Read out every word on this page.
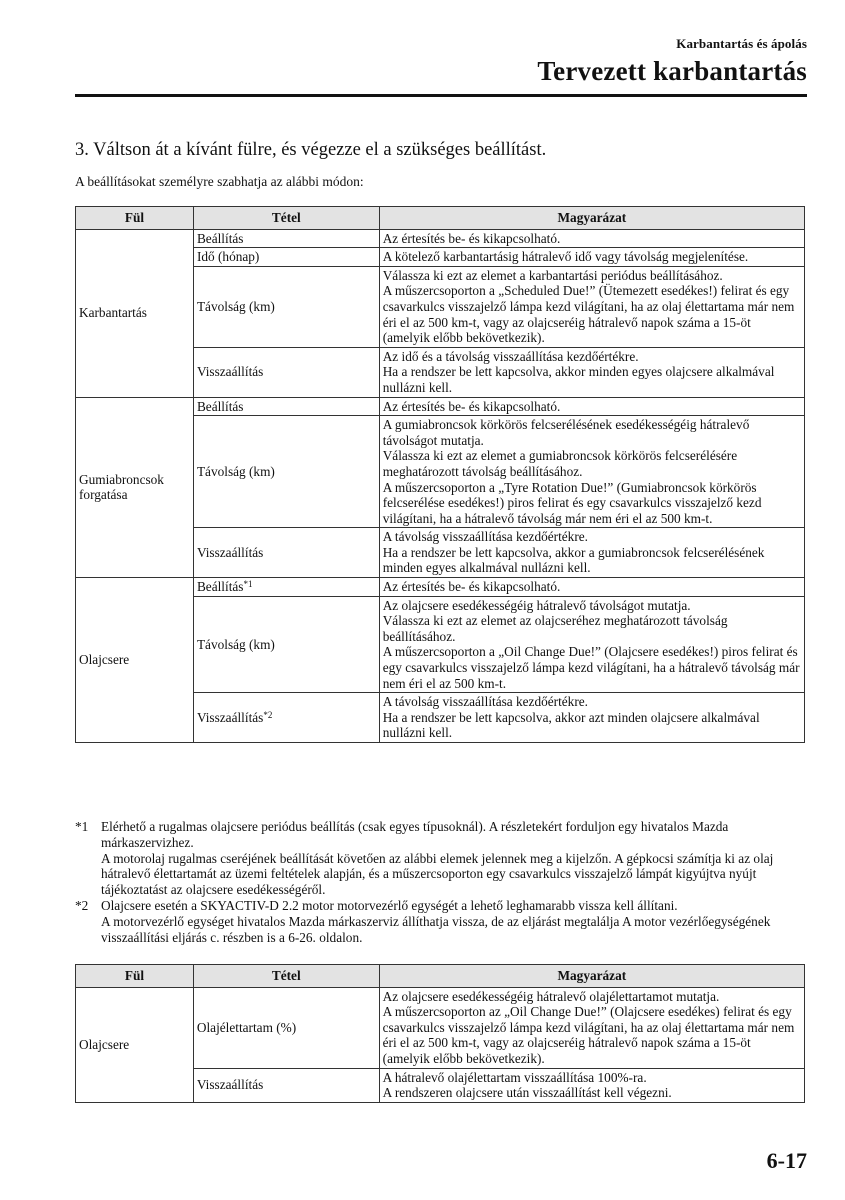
Karbantartás és ápolás
Tervezett karbantartás
3. Váltson át a kívánt fülre, és végezze el a szükséges beállítást.
A beállításokat személyre szabhatja az alábbi módon:
Fül	Tétel	Magyarázat
Karbantartás	Beállítás	Az értesítés be- és kikapcsolható.

	Idő (hónap)	A kötelező karbantartásig hátralevő idő vagy távolság megjelenítése.

	Távolság (km)	Válassza ki ezt az elemet a karbantartási periódus beállításához.
A műszercsoporton a „Scheduled Due!” (Ütemezett esedékes!) felirat és egy csavarkulcs visszajelző lámpa kezd világítani, ha az olaj élettartama már nem éri el az 500 km-t, vagy az olajcseréig hátralevő napok száma a 15-öt (amelyik előbb bekövetkezik).

	Visszaállítás	Az idő és a távolság visszaállítása kezdőértékre.
Ha a rendszer be lett kapcsolva, akkor minden egyes olajcsere alkalmával nullázni kell.

Gumiabroncsok forgatása	Beállítás	Az értesítés be- és kikapcsolható.

	Távolság (km)	A gumiabroncsok körkörös felcserélésének esedékességéig hátralevő távolságot mutatja.
Válassza ki ezt az elemet a gumiabroncsok körkörös felcserélésére meghatározott távolság beállításához.
A műszercsoporton a „Tyre Rotation Due!” (Gumiabroncsok körkörös felcserélése esedékes!) piros felirat és egy csavarkulcs visszajelző kezd világítani, ha a hátralevő távolság már nem éri el az 500 km-t.

	Visszaállítás	A távolság visszaállítása kezdőértékre.
Ha a rendszer be lett kapcsolva, akkor a gumiabroncsok felcserélésének minden egyes alkalmával nullázni kell.

Olajcsere	Beállítás$^{*1}$	Az értesítés be- és kikapcsolható.

	Távolság (km)	Az olajcsere esedékességéig hátralevő távolságot mutatja.
Válassza ki ezt az elemet az olajcseréhez meghatározott távolság beállításához.
A műszercsoporton a „Oil Change Due!” (Olajcsere esedékes!) piros felirat és egy csavarkulcs visszajelző lámpa kezd világítani, ha a hátralevő távolság már nem éri el az 500 km-t.

	Visszaállítás$^{*2}$	A távolság visszaállítása kezdőértékre.
Ha a rendszer be lett kapcsolva, akkor azt minden olajcsere alkalmával nullázni kell.
*1 Elérhető a rugalmas olajcsere periódus beállítás (csak egyes típusoknál). A részletekért forduljon egy hivatalos Mazda márkaszervizhez.
A motorolaj rugalmas cseréjének beállítását követően az alábbi elemek jelennek meg a kijelzőn. A gépkocsi számítja ki az olaj hátralevő élettartamát az üzemi feltételek alapján, és a műszercsoporton egy csavarkulcs visszajelző lámpát kigyújtva nyújt tájékoztatást az olajcsere esedékességéről.
*2 Olajcsere esetén a SKYACTIV-D 2.2 motor motorvezérlő egységét a lehető leghamarabb vissza kell állítani.
A motorvezérlő egységet hivatalos Mazda márkaszerviz állíthatja vissza, de az eljárást megtalálja A motor vezérlőegységének visszaállítási eljárás c. részben is a 6-26. oldalon.
Fül	Tétel	Magyarázat
Olajcsere	Olajélettartam (%)	Az olajcsere esedékességéig hátralevő olajélettartamot mutatja.
A műszercsoporton az „Oil Change Due!” (Olajcsere esedékes) felirat és egy csavarkulcs visszajelző lámpa kezd világítani, ha az olaj élettartama már nem éri el az 500 km-t, vagy az olajcseréig hátralevő napok száma a 15-öt (amelyik előbb bekövetkezik).

	Visszaállítás	A hátralevő olajélettartam visszaállítása 100%-ra.
A rendszeren olajcsere után visszaállítást kell végezni.
6-17
